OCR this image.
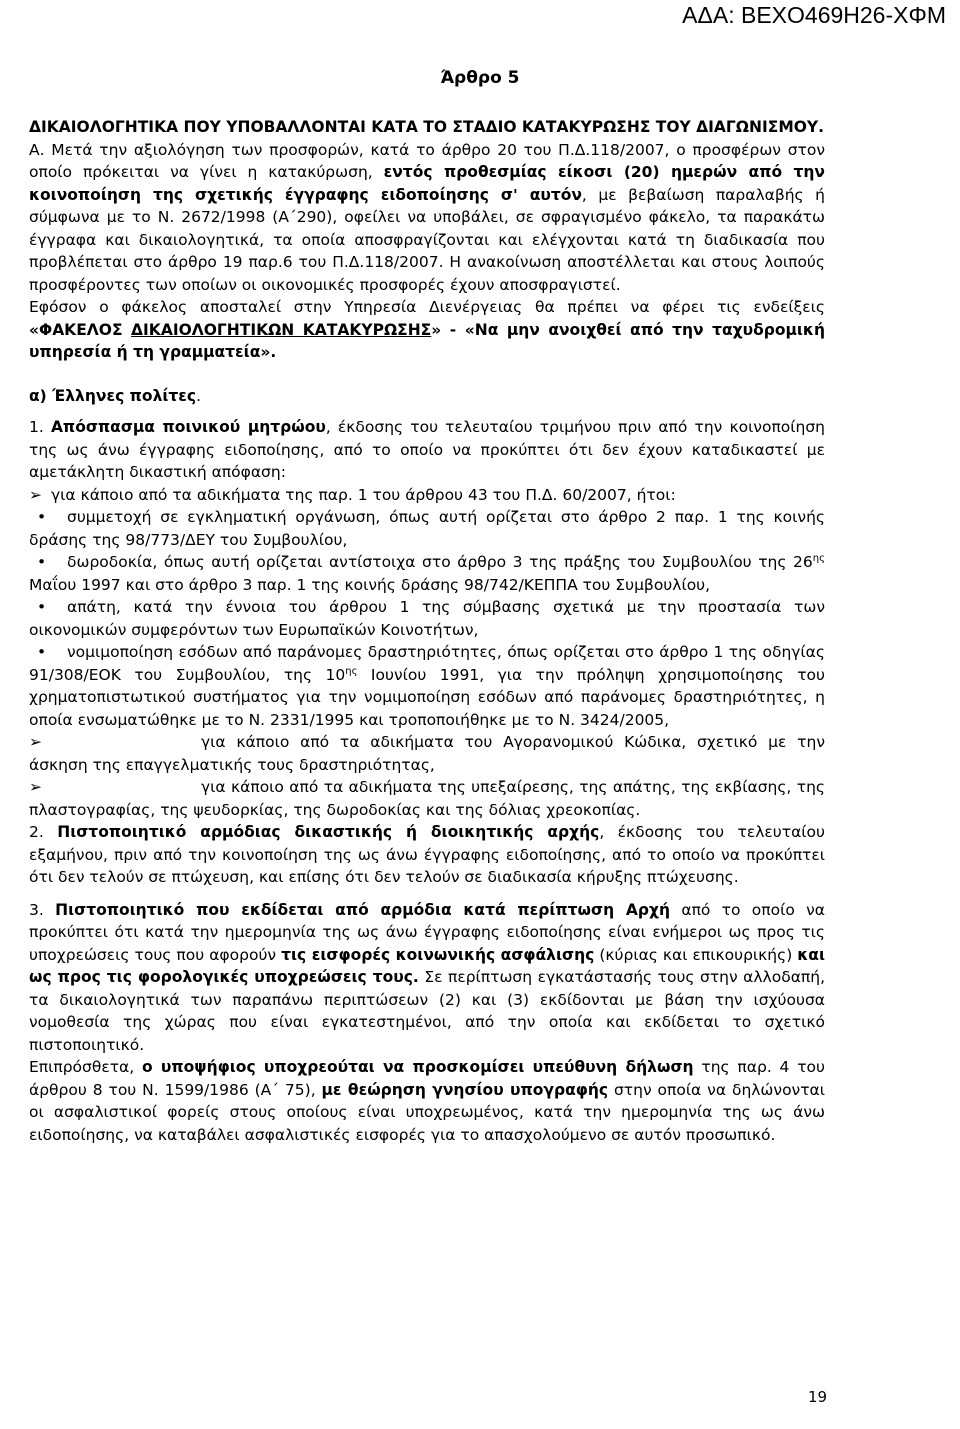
ΑΔΑ: ΒΕΧΟ469Η26-ΧΦΜ
Άρθρο 5

ΔΙΚΑΙΟΛΟΓΗΤΙΚΑ ΠΟΥ ΥΠΟΒΑΛΛΟΝΤΑΙ ΚΑΤΑ ΤΟ ΣΤΑΔΙΟ ΚΑΤΑΚΥΡΩΣΗΣ ΤΟΥ ΔΙΑΓΩΝΙΣΜΟΥ.

Α. Μετά την αξιολόγηση των προσφορών, κατά το άρθρο 20 του Π.Δ.118/2007, ο προσφέρων στον οποίο πρόκειται να γίνει η κατακύρωση, εντός προθεσμίας είκοσι (20) ημερών από την κοινοποίηση της σχετικής έγγραφης ειδοποίησης σ' αυτόν, με βεβαίωση παραλαβής ή σύμφωνα με το Ν. 2672/1998 (Α΄290), οφείλει να υποβάλει, σε σφραγισμένο φάκελο, τα παρακάτω έγγραφα και δικαιολογητικά, τα οποία αποσφραγίζονται και ελέγχονται κατά τη διαδικασία που προβλέπεται στο άρθρο 19 παρ.6 του Π.Δ.118/2007. Η ανακοίνωση αποστέλλεται και στους λοιπούς προσφέροντες των οποίων οι οικονομικές προσφορές έχουν αποσφραγιστεί.

Εφόσον ο φάκελος αποσταλεί στην Υπηρεσία Διενέργειας θα πρέπει να φέρει τις ενδείξεις «ΦΑΚΕΛΟΣ ΔΙΚΑΙΟΛΟΓΗΤΙΚΩΝ ΚΑΤΑΚΥΡΩΣΗΣ» - «Να μην ανοιχθεί από την ταχυδρομική υπηρεσία ή τη γραμματεία».

α) Έλληνες πολίτες.

1. Απόσπασμα ποινικού μητρώου, έκδοσης του τελευταίου τριμήνου πριν από την κοινοποίηση της ως άνω έγγραφης ειδοποίησης, από το οποίο να προκύπτει ότι δεν έχουν καταδικαστεί με αμετάκλητη δικαστική απόφαση:

➢ για κάποιο από τα αδικήματα της παρ. 1 του άρθρου 43 του Π.Δ. 60/2007, ήτοι:

• συμμετοχή σε εγκληματική οργάνωση, όπως αυτή ορίζεται στο άρθρο 2 παρ. 1 της κοινής δράσης της 98/773/ΔΕΥ του Συμβουλίου,

• δωροδοκία, όπως αυτή ορίζεται αντίστοιχα στο άρθρο 3 της πράξης του Συμβουλίου της $26^{\eta\varsigma}$ Μαΐου 1997 και στο άρθρο 3 παρ. 1 της κοινής δράσης 98/742/ΚΕΠΠΑ του Συμβουλίου,

• απάτη, κατά την έννοια του άρθρου 1 της σύμβασης σχετικά με την προστασία των οικονομικών συμφερόντων των Ευρωπαϊκών Κοινοτήτων,

• νομιμοποίηση εσόδων από παράνομες δραστηριότητες, όπως ορίζεται στο άρθρο 1 της οδηγίας 91/308/ΕΟΚ του Συμβουλίου, της $10^{\eta\varsigma}$ Ιουνίου 1991, για την πρόληψη χρησιμοποίησης του χρηματοπιστωτικού συστήματος για την νομιμοποίηση εσόδων από παράνομες δραστηριότητες, η οποία ενσωματώθηκε με το Ν. 2331/1995 και τροποποιήθηκε με το Ν. 3424/2005,

➢	για κάποιο από τα αδικήματα του Αγορανομικού Κώδικα, σχετικό με την άσκηση της επαγγελματικής τους δραστηριότητας,

➢	για κάποιο από τα αδικήματα της υπεξαίρεσης, της απάτης, της εκβίασης, της πλαστογραφίας, της ψευδορκίας, της δωροδοκίας και της δόλιας χρεοκοπίας.

2. Πιστοποιητικό αρμόδιας δικαστικής ή διοικητικής αρχής, έκδοσης του τελευταίου εξαμήνου, πριν από την κοινοποίηση της ως άνω έγγραφης ειδοποίησης, από το οποίο να προκύπτει ότι δεν τελούν σε πτώχευση, και επίσης ότι δεν τελούν σε διαδικασία κήρυξης πτώχευσης.

3. Πιστοποιητικό που εκδίδεται από αρμόδια κατά περίπτωση Αρχή από το οποίο να προκύπτει ότι κατά την ημερομηνία της ως άνω έγγραφης ειδοποίησης είναι ενήμεροι ως προς τις υποχρεώσεις τους που αφορούν τις εισφορές κοινωνικής ασφάλισης (κύριας και επικουρικής) και ως προς τις φορολογικές υποχρεώσεις τους. Σε περίπτωση εγκατάστασής τους στην αλλοδαπή, τα δικαιολογητικά των παραπάνω περιπτώσεων (2) και (3) εκδίδονται με βάση την ισχύουσα νομοθεσία της χώρας που είναι εγκατεστημένοι, από την οποία και εκδίδεται το σχετικό πιστοποιητικό.

Επιπρόσθετα, ο υποψήφιος υποχρεούται να προσκομίσει υπεύθυνη δήλωση της παρ. 4 του άρθρου 8 του Ν. 1599/1986 (Α΄ 75), με θεώρηση γνησίου υπογραφής στην οποία να δηλώνονται οι ασφαλιστικοί φορείς στους οποίους είναι υποχρεωμένος, κατά την ημερομηνία της ως άνω ειδοποίησης, να καταβάλει ασφαλιστικές εισφορές για το απασχολούμενο σε αυτόν προσωπικό.

19
